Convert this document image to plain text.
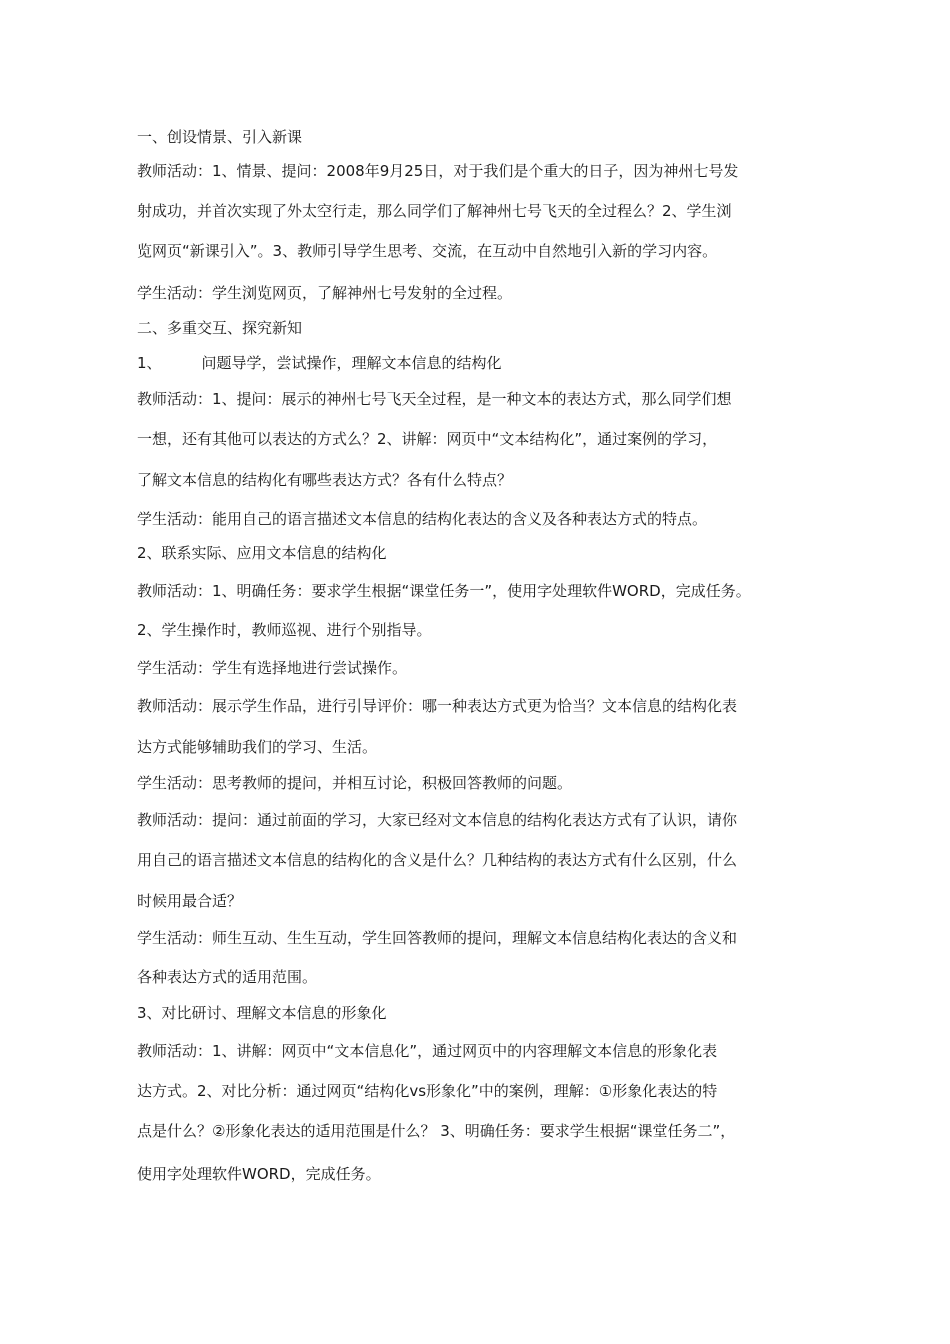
一、创设情景、引入新课

教师活动：1、情景、提问：2008年9月25日，对于我们是个重大的日子，因为神州七号发

射成功，并首次实现了外太空行走，那么同学们了解神州七号飞天的全过程么？2、学生浏

览网页“新课引入”。3、教师引导学生思考、交流，在互动中自然地引入新的学习内容。

学生活动：学生浏览网页，了解神州七号发射的全过程。

二、多重交互、探究新知

1、	问题导学，尝试操作，理解文本信息的结构化

教师活动：1、提问：展示的神州七号飞天全过程，是一种文本的表达方式，那么同学们想

一想，还有其他可以表达的方式么？2、讲解：网页中“文本结构化”，通过案例的学习，

了解文本信息的结构化有哪些表达方式？各有什么特点？

学生活动：能用自己的语言描述文本信息的结构化表达的含义及各种表达方式的特点。

2、联系实际、应用文本信息的结构化

教师活动：1、明确任务：要求学生根据“课堂任务一”，使用字处理软件WORD，完成任务。

2、学生操作时，教师巡视、进行个别指导。

学生活动：学生有选择地进行尝试操作。

教师活动：展示学生作品，进行引导评价：哪一种表达方式更为恰当？文本信息的结构化表

达方式能够辅助我们的学习、生活。

学生活动：思考教师的提问，并相互讨论，积极回答教师的问题。

教师活动：提问：通过前面的学习，大家已经对文本信息的结构化表达方式有了认识，请你

用自己的语言描述文本信息的结构化的含义是什么？几种结构的表达方式有什么区别，什么

时候用最合适？

学生活动：师生互动、生生互动，学生回答教师的提问，理解文本信息结构化表达的含义和

各种表达方式的适用范围。

3、对比研讨、理解文本信息的形象化

教师活动：1、讲解：网页中“文本信息化”，通过网页中的内容理解文本信息的形象化表

达方式。2、对比分析：通过网页“结构化vs形象化”中的案例，理解：①形象化表达的特

点是什么？②形象化表达的适用范围是什么？ 3、明确任务：要求学生根据“课堂任务二”，

使用字处理软件WORD，完成任务。
